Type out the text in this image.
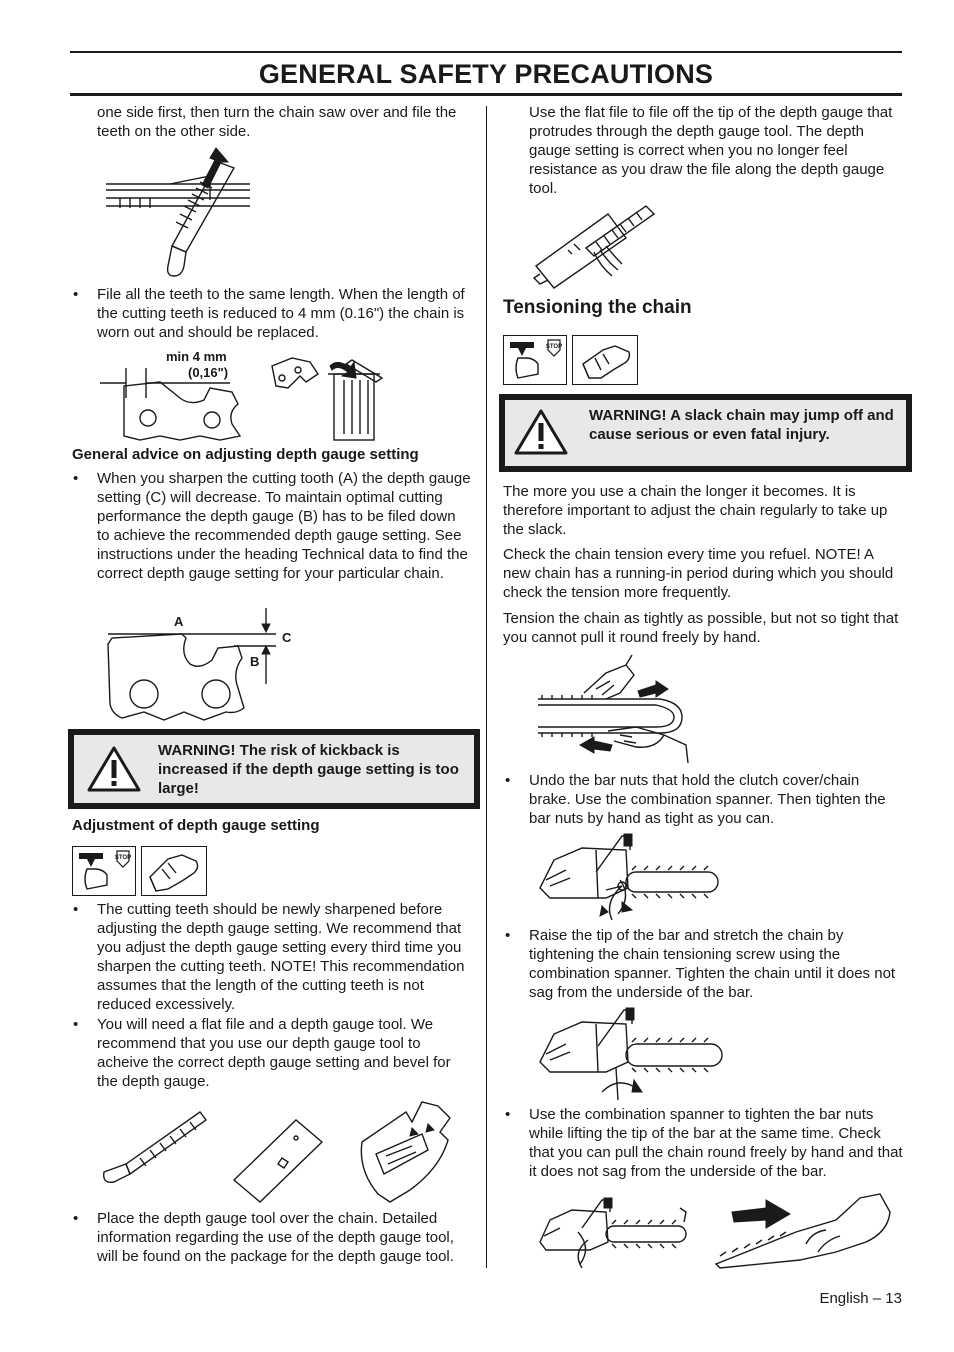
GENERAL SAFETY PRECAUTIONS
one side first, then turn the chain saw over and file the teeth on the other side.
• File all the teeth to the same length. When the length of the cutting teeth is reduced to 4 mm (0.16") the chain is worn out and should be replaced.
min 4 mm
(0,16")
General advice on adjusting depth gauge setting
• When you sharpen the cutting tooth (A) the depth gauge setting (C) will decrease. To maintain optimal cutting performance the depth gauge (B) has to be filed down to achieve the recommended depth gauge setting. See instructions under the heading Technical data to find the correct depth gauge setting for your particular chain.
A
C
B
WARNING! The risk of kickback is increased if the depth gauge setting is too large!
Adjustment of depth gauge setting
STOP
• The cutting teeth should be newly sharpened before adjusting the depth gauge setting. We recommend that you adjust the depth gauge setting every third time you sharpen the cutting teeth. NOTE! This recommendation assumes that the length of the cutting teeth is not reduced excessively.
• You will need a flat file and a depth gauge tool. We recommend that you use our depth gauge tool to acheive the correct depth gauge setting and bevel for the depth gauge.
• Place the depth gauge tool over the chain. Detailed information regarding the use of the depth gauge tool, will be found on the package for the depth gauge tool.
Use the flat file to file off the tip of the depth gauge that protrudes through the depth gauge tool. The depth gauge setting is correct when you no longer feel resistance as you draw the file along the depth gauge tool.
Tensioning the chain
STOP
WARNING! A slack chain may jump off and cause serious or even fatal injury.
The more you use a chain the longer it becomes. It is therefore important to adjust the chain regularly to take up the slack.
Check the chain tension every time you refuel. NOTE! A new chain has a running-in period during which you should check the tension more frequently.
Tension the chain as tightly as possible, but not so tight that you cannot pull it round freely by hand.
• Undo the bar nuts that hold the clutch cover/chain brake. Use the combination spanner. Then tighten the bar nuts by hand as tight as you can.
• Raise the tip of the bar and stretch the chain by tightening the chain tensioning screw using the combination spanner. Tighten the chain until it does not sag from the underside of the bar.
• Use the combination spanner to tighten the bar nuts while lifting the tip of the bar at the same time. Check that you can pull the chain round freely by hand and that it does not sag from the underside of the bar.
English – 13
